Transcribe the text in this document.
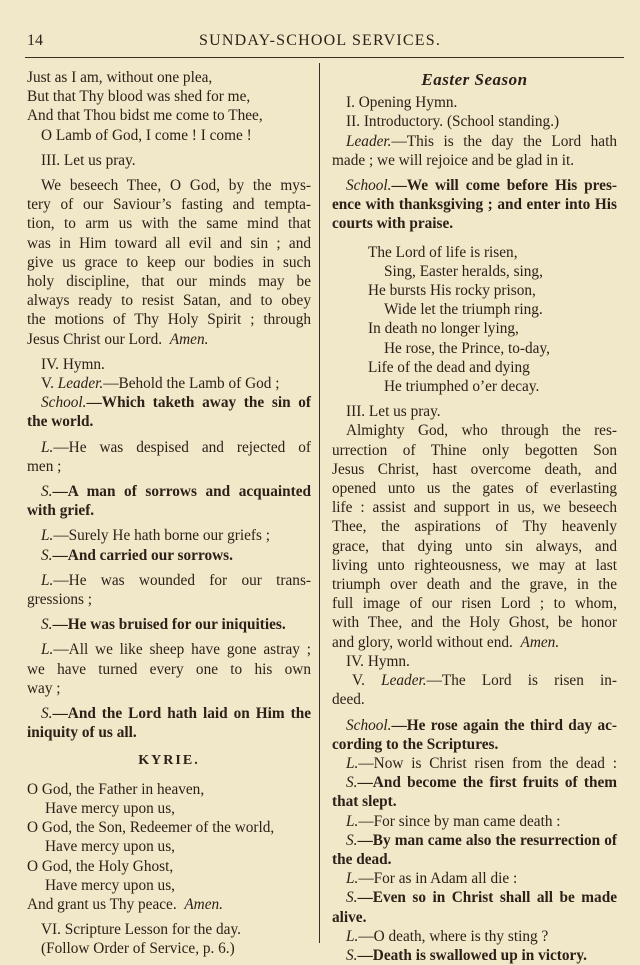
14	SUNDAY-SCHOOL SERVICES.
Just as I am, without one plea,
But that Thy blood was shed for me,
And that Thou bidst me come to Thee,
O Lamb of God, I come ! I come !
III. Let us pray.
We beseech Thee, O God, by the mys-
tery of our Saviour’s fasting and tempta-
tion, to arm us with the same mind that
was in Him toward all evil and sin ; and
give us grace to keep our bodies in such
holy discipline, that our minds may be
always ready to resist Satan, and to obey
the motions of Thy Holy Spirit ; through
Jesus Christ our Lord. Amen.
IV. Hymn.
V. Leader.—Behold the Lamb of God ;
School.—Which taketh away the sin of
the world.
L.—He was despised and rejected of
men ;
S.—A man of sorrows and acquainted
with grief.
L.—Surely He hath borne our griefs ;
S.—And carried our sorrows.
L.—He was wounded for our trans-
gressions ;
S.—He was bruised for our iniquities.
L.—All we like sheep have gone astray ;
we have turned every one to his own
way ;
S.—And the Lord hath laid on Him the
iniquity of us all.
KYRIE.
O God, the Father in heaven,
Have mercy upon us,
O God, the Son, Redeemer of the world,
Have mercy upon us,
O God, the Holy Ghost,
Have mercy upon us,
And grant us Thy peace. Amen.
VI. Scripture Lesson for the day.
(Follow Order of Service, p. 6.)
Easter Season
I. Opening Hymn.
II. Introductory. (School standing.)
Leader.—This is the day the Lord hath
made ; we will rejoice and be glad in it.
School.—We will come before His pres-
ence with thanksgiving ; and enter into His
courts with praise.
The Lord of life is risen,
Sing, Easter heralds, sing,
He bursts His rocky prison,
Wide let the triumph ring.
In death no longer lying,
He rose, the Prince, to-day,
Life of the dead and dying
He triumphed o’er decay.
III. Let us pray.
Almighty God, who through the res-
urrection of Thine only begotten Son
Jesus Christ, hast overcome death, and
opened unto us the gates of everlasting
life : assist and support in us, we beseech
Thee, the aspirations of Thy heavenly
grace, that dying unto sin always, and
living unto righteousness, we may at last
triumph over death and the grave, in the
full image of our risen Lord ; to whom,
with Thee, and the Holy Ghost, be honor
and glory, world without end. Amen.
IV. Hymn.
V. Leader.—The Lord is risen in-
deed.
School.—He rose again the third day ac-
cording to the Scriptures.
L.—Now is Christ risen from the dead :
S.—And become the first fruits of them
that slept.
L.—For since by man came death :
S.—By man came also the resurrection of
the dead.
L.—For as in Adam all die :
S.—Even so in Christ shall all be made
alive.
L.—O death, where is thy sting ?
S.—Death is swallowed up in victory.
